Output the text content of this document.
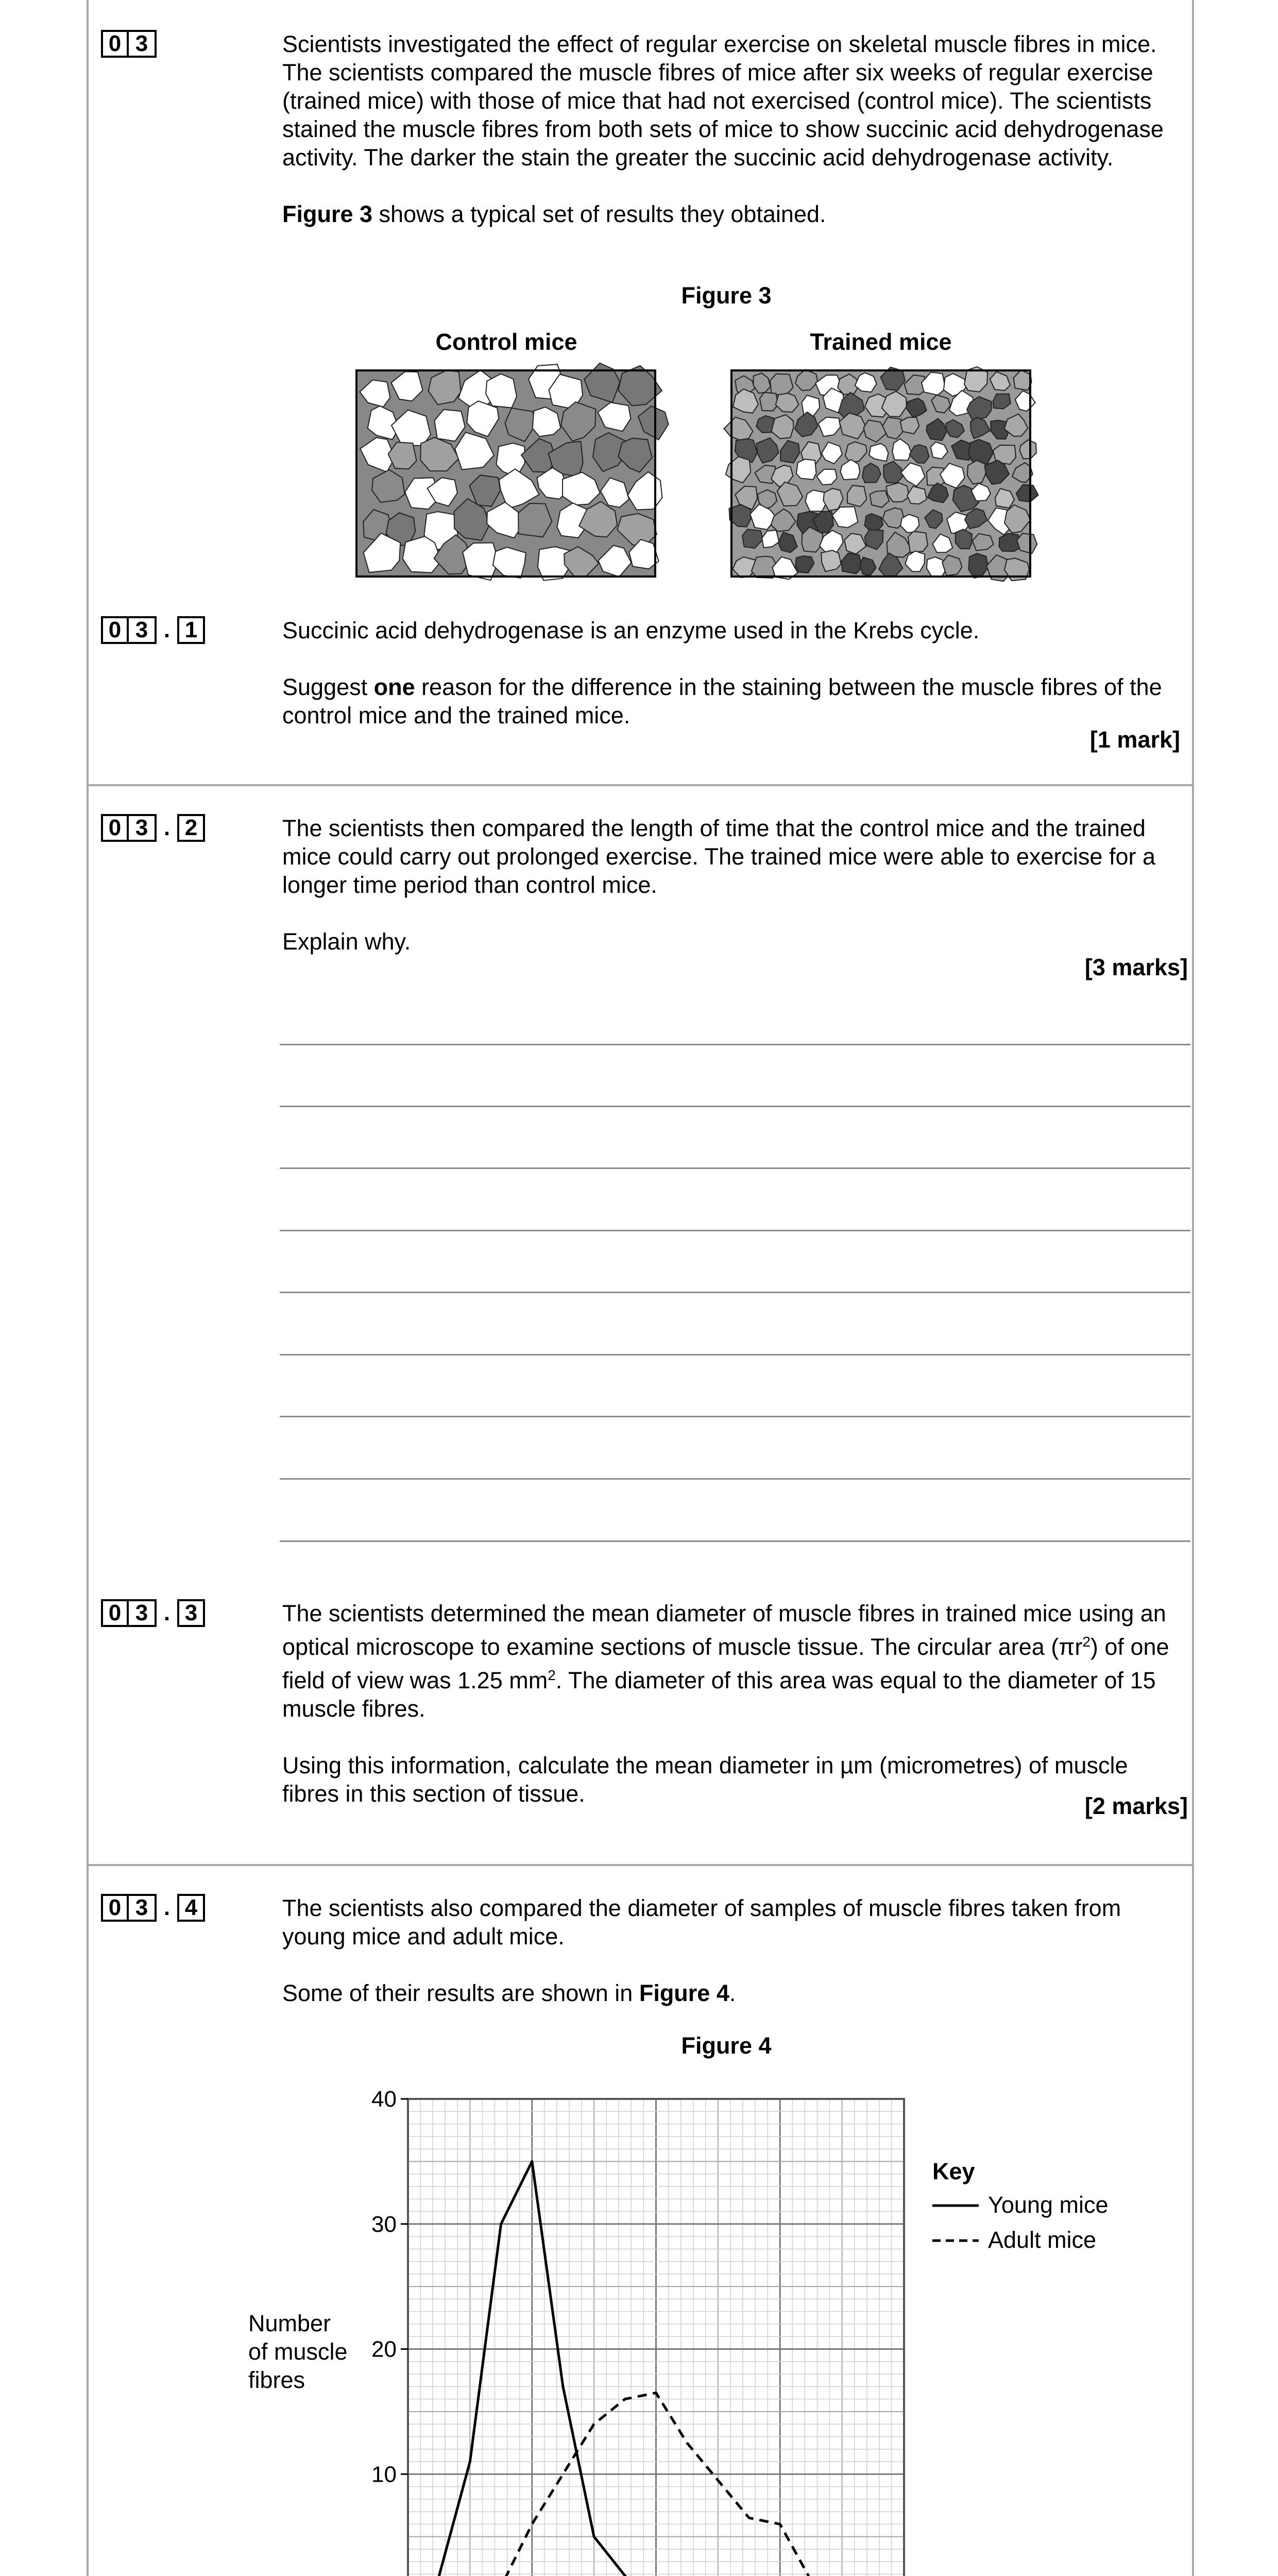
0 3	Scientists investigated the effect of regular exercise on skeletal muscle fibres in mice. The scientists compared the muscle fibres of mice after six weeks of regular exercise (trained mice) with those of mice that had not exercised (control mice). The scientists stained the muscle fibres from both sets of mice to show succinic acid dehydrogenase activity. The darker the stain the greater the succinic acid dehydrogenase activity.

Figure 3 shows a typical set of results they obtained.

Figure 3
Control mice	Trained mice
0 3 . 1	Succinic acid dehydrogenase is an enzyme used in the Krebs cycle.

Suggest one reason for the difference in the staining between the muscle fibres of the control mice and the trained mice.

[1 mark]
0 3 . 2	The scientists then compared the length of time that the control mice and the trained mice could carry out prolonged exercise. The trained mice were able to exercise for a longer time period than control mice.

Explain why.

[3 marks]
0 3 . 3	The scientists determined the mean diameter of muscle fibres in trained mice using an optical microscope to examine sections of muscle tissue. The circular area $(\pi r^2)$ of one field of view was 1.25 $mm^2$. The diameter of this area was equal to the diameter of 15 muscle fibres.

Using this information, calculate the mean diameter in µm (micrometres) of muscle fibres in this section of tissue.	[2 marks]
0 3 . 4	The scientists also compared the diameter of samples of muscle fibres taken from young mice and adult mice.

Some of their results are shown in Figure 4.

Figure 4
10
20
30
40
Number
of muscle
fibres
Key
Young mice
Adult mice
